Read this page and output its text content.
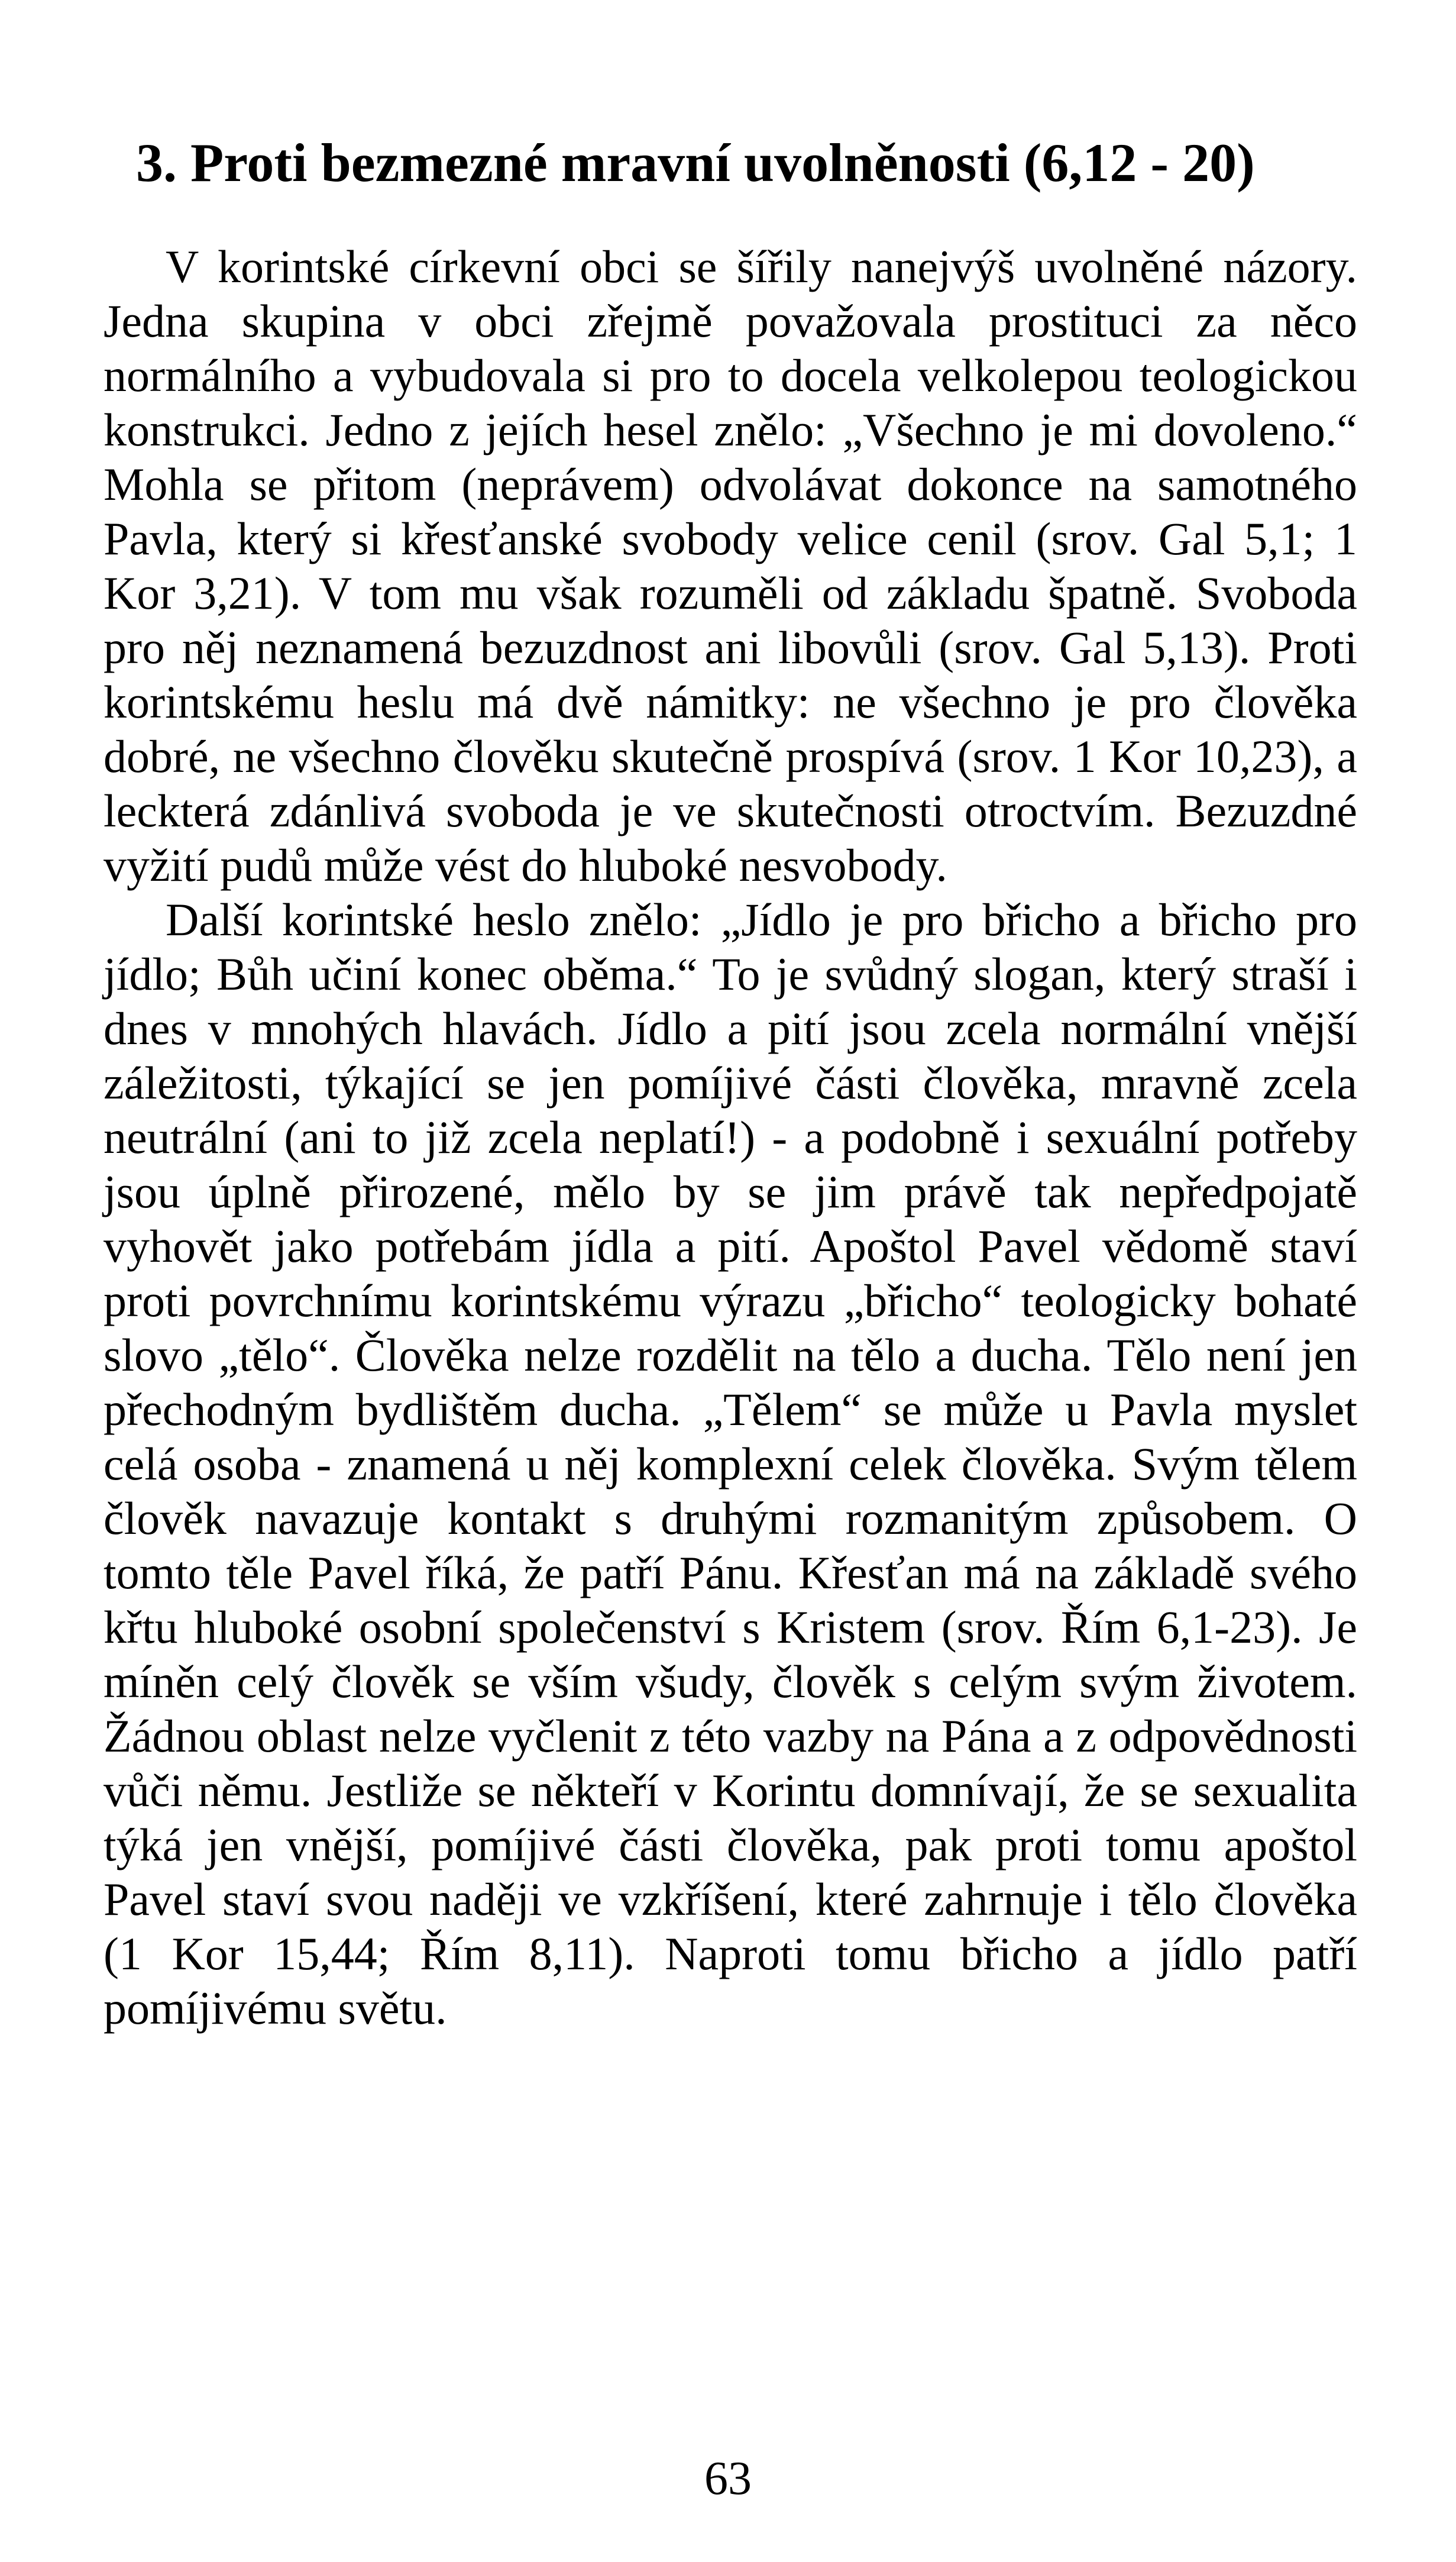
3. Proti bezmezné mravní uvolněnosti (6,12 - 20)

V korintské církevní obci se šířily nanejvýš uvolněné názory. Jedna skupina v obci zřejmě považovala prostituci za něco normálního a vybudovala si pro to docela velkolepou teologickou konstrukci. Jedno z jejích hesel znělo: „Všechno je mi dovoleno.“ Mohla se přitom (neprávem) odvolávat dokonce na samotného Pavla, který si křesťanské svobody velice cenil (srov. Gal 5,1; 1 Kor 3,21). V tom mu však rozuměli od základu špatně. Svoboda pro něj neznamená bezuzdnost ani libovůli (srov. Gal 5,13). Proti korintskému heslu má dvě námitky: ne všechno je pro člověka dobré, ne všechno člověku skutečně prospívá (srov. 1 Kor 10,23), a leckterá zdánlivá svoboda je ve skutečnosti otroctvím. Bezuzdné vyžití pudů může vést do hluboké nesvobody.

Další korintské heslo znělo: „Jídlo je pro břicho a břicho pro jídlo; Bůh učiní konec oběma.“ To je svůdný slogan, který straší i dnes v mnohých hlavách. Jídlo a pití jsou zcela normální vnější záležitosti, týkající se jen pomíjivé části člověka, mravně zcela neutrální (ani to již zcela neplatí!) - a podobně i sexuální potřeby jsou úplně přirozené, mělo by se jim právě tak nepředpojatě vyhovět jako potřebám jídla a pití. Apoštol Pavel vědomě staví proti povrchnímu korintskému výrazu „břicho“ teologicky bohaté slovo „tělo“. Člověka nelze rozdělit na tělo a ducha. Tělo není jen přechodným bydlištěm ducha. „Tělem“ se může u Pavla myslet celá osoba - znamená u něj komplexní celek člověka. Svým tělem člověk navazuje kontakt s druhými rozmanitým způsobem. O tomto těle Pavel říká, že patří Pánu. Křesťan má na základě svého křtu hluboké osobní společenství s Kristem (srov. Řím 6,1-23). Je míněn celý člověk se vším všudy, člověk s celým svým životem. Žádnou oblast nelze vyčlenit z této vazby na Pána a z odpovědnosti vůči němu. Jestliže se někteří v Korintu domnívají, že se sexualita týká jen vnější, pomíjivé části člověka, pak proti tomu apoštol Pavel staví svou naději ve vzkříšení, které zahrnuje i tělo člověka (1 Kor 15,44; Řím 8,11). Naproti tomu břicho a jídlo patří pomíjivému světu.

63
